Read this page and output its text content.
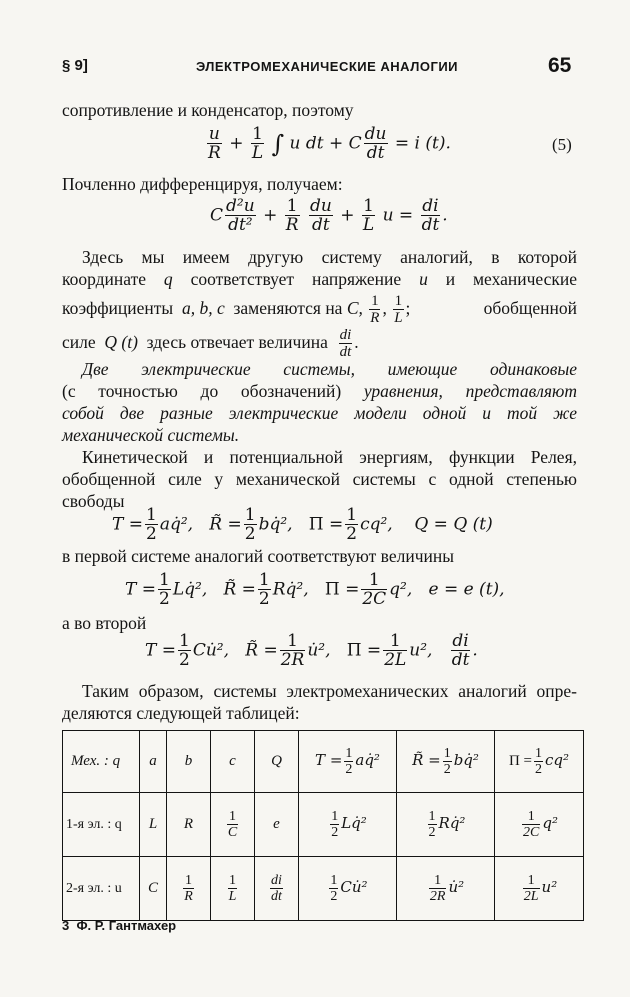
§ 9]	ЭЛЕКТРОМЕХАНИЧЕСКИЕ АНАЛОГИИ	65
сопротивление и конденсатор, поэтому
$\frac{u}{R} + \frac{1}{L}$ ∫ u dt + C $\frac{du}{dt} = i$ (t).	(5)
Почленно дифференцируя, получаем:
C $\frac{\text{d²u}}{\text{dt²}} + \frac{1}{R}$
$\frac{du}{dt} + \frac{1}{L}$ $u = \frac{di}{dt}$ .
Здесь мы имеем другую систему аналогий, в которой
координате q соответствует напряжение u и механические
коэффициенты a, b, c заменяются на C, $\frac{1}{R}$ , $\frac{1}{L}$ ;	обобщенной
силе Q (t) здесь отвечает величина $\frac{di}{dt}$ .
Две электрические системы, имеющие одинаковые
(с точностью до обозначений) уравнения, представляют
собой две разные электрические модели одной и той же
механической системы.
Кинетической и потенциальной энергиям, функции Релея,
обобщенной силе у механической системы с одной степенью
свободы
$T = \frac{1}{2}$ aq̇², R̃ = $\frac{1}{2}$ bq̇², $\Pi = \frac{1}{2} cq^2$, Q = Q (t)
в первой системе аналогий соответствуют величины
$T = \frac{1}{2}$ Lq̇², R̃ = $\frac{1}{2}$ Rq̇², $\Pi = \frac{1}{2C} q^2$, e = e (t),
а во второй
$T = \frac{1}{2}$ Cu̇², R̃ = $\frac{1}{2R}$ u̇², $\Pi = \frac{1}{2L} u^2$, $\frac{di}{dt}$ .
Таким образом, системы электромеханических аналогий опре-
деляются следующей таблицей:
Мех. : q	a	b	c	Q	$T = \frac{1}{2}$ aq̇²	R̃ = $\frac{1}{2}$ bq̇²	$\Pi = \frac{1}{2} cq^2$
1-я эл. : q	L	R	$\frac{1}{C}$	e	$\frac{1}{2}$ Lq̇²	$\frac{1}{2}$ Rq̇²	$\frac{1}{2C} q^2$
2-я эл. : u	C	$\frac{1}{R}$	$\frac{1}{L}$	$\frac{di}{dt}$	$\frac{1}{2}$ Cu̇²	$\frac{1}{2R}$ u̇²	$\frac{1}{2L} u^2$
3  Ф. Р. Гантмахер
